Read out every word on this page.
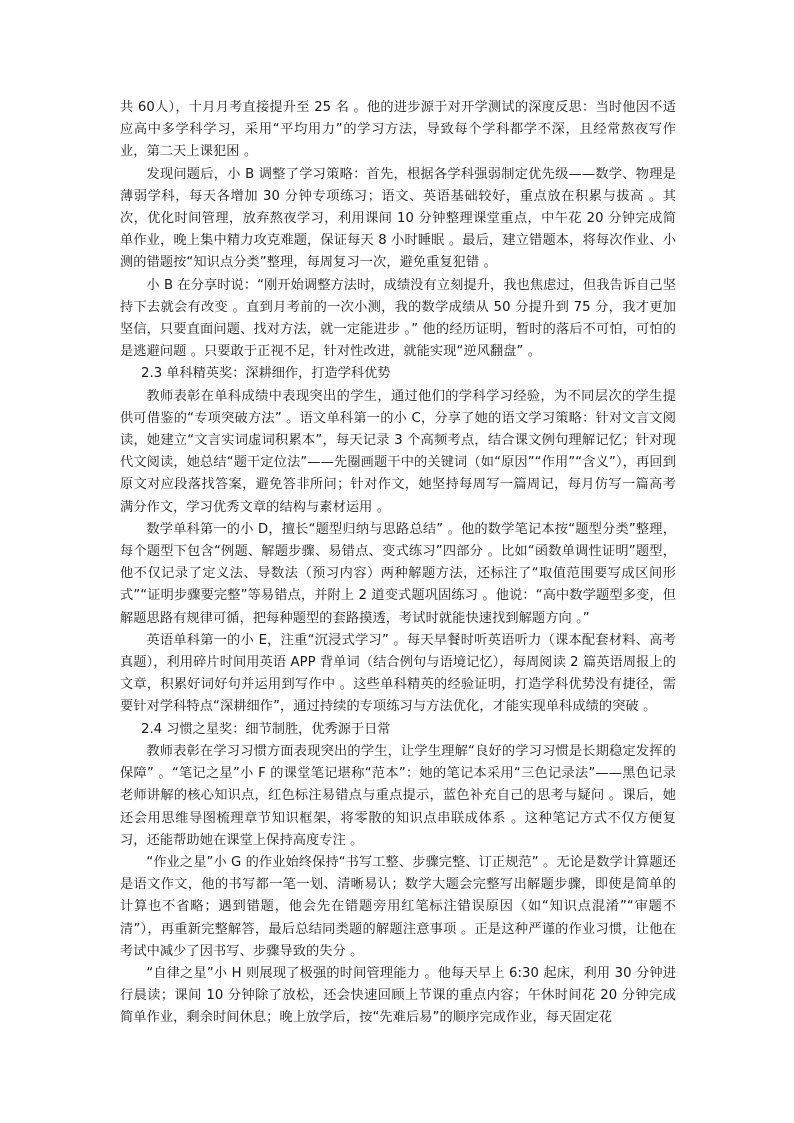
共 60人），十月月考直接提升至 25 名 。他的进步源于对开学测试的深度反思：当时他因不适应高中多学科学习，采用“平均用力”的学习方法，导致每个学科都学不深，且经常熬夜写作业，第二天上课犯困 。

发现问题后，小 B 调整了学习策略：首先，根据各学科强弱制定优先级——数学、物理是薄弱学科，每天各增加 30 分钟专项练习；语文、英语基础较好，重点放在积累与拔高 。其次，优化时间管理，放弃熬夜学习，利用课间 10 分钟整理课堂重点，中午花 20 分钟完成简单作业，晚上集中精力攻克难题，保证每天 8 小时睡眠 。最后，建立错题本，将每次作业、小测的错题按“知识点分类”整理，每周复习一次，避免重复犯错 。

小 B 在分享时说：“刚开始调整方法时，成绩没有立刻提升，我也焦虑过，但我告诉自己坚持下去就会有改变 。直到月考前的一次小测，我的数学成绩从 50 分提升到 75 分，我才更加坚信，只要直面问题、找对方法，就一定能进步 。” 他的经历证明，暂时的落后不可怕，可怕的是逃避问题 。只要敢于正视不足，针对性改进，就能实现“逆风翻盘” 。

2.3 单科精英奖：深耕细作，打造学科优势

教师表彰在单科成绩中表现突出的学生，通过他们的学科学习经验，为不同层次的学生提供可借鉴的“专项突破方法” 。语文单科第一的小 C，分享了她的语文学习策略：针对文言文阅读，她建立“文言实词虚词积累本”，每天记录 3 个高频考点，结合课文例句理解记忆；针对现代文阅读，她总结“题干定位法”——先圈画题干中的关键词（如“原因”“作用”“含义”），再回到原文对应段落找答案，避免答非所问；针对作文，她坚持每周写一篇周记，每月仿写一篇高考满分作文，学习优秀文章的结构与素材运用 。

数学单科第一的小 D，擅长“题型归纳与思路总结” 。他的数学笔记本按“题型分类”整理，每个题型下包含“例题、解题步骤、易错点、变式练习”四部分 。比如“函数单调性证明”题型，他不仅记录了定义法、导数法（预习内容）两种解题方法，还标注了“取值范围要写成区间形式”“证明步骤要完整”等易错点，并附上 2 道变式题巩固练习 。他说：“高中数学题型多变，但解题思路有规律可循，把每种题型的套路摸透，考试时就能快速找到解题方向 。”

英语单科第一的小 E，注重“沉浸式学习” 。每天早餐时听英语听力（课本配套材料、高考真题），利用碎片时间用英语 APP 背单词（结合例句与语境记忆），每周阅读 2 篇英语周报上的文章，积累好词好句并运用到写作中 。这些单科精英的经验证明，打造学科优势没有捷径，需要针对学科特点“深耕细作”，通过持续的专项练习与方法优化，才能实现单科成绩的突破 。

2.4 习惯之星奖：细节制胜，优秀源于日常

教师表彰在学习习惯方面表现突出的学生，让学生理解“良好的学习习惯是长期稳定发挥的保障” 。“笔记之星”小 F 的课堂笔记堪称“范本”：她的笔记本采用“三色记录法”——黑色记录老师讲解的核心知识点，红色标注易错点与重点提示，蓝色补充自己的思考与疑问 。课后，她还会用思维导图梳理章节知识框架，将零散的知识点串联成体系 。这种笔记方式不仅方便复习，还能帮助她在课堂上保持高度专注 。

“作业之星”小 G 的作业始终保持“书写工整、步骤完整、订正规范” 。无论是数学计算题还是语文作文，他的书写都一笔一划、清晰易认；数学大题会完整写出解题步骤，即使是简单的计算也不省略；遇到错题，他会先在错题旁用红笔标注错误原因（如“知识点混淆”“审题不清”），再重新完整解答，最后总结同类题的解题注意事项 。正是这种严谨的作业习惯，让他在考试中减少了因书写、步骤导致的失分 。

“自律之星”小 H 则展现了极强的时间管理能力 。他每天早上 6:30 起床，利用 30 分钟进行晨读；课间 10 分钟除了放松，还会快速回顾上节课的重点内容；午休时间花 20 分钟完成简单作业，剩余时间休息；晚上放学后，按“先难后易”的顺序完成作业，每天固定花
